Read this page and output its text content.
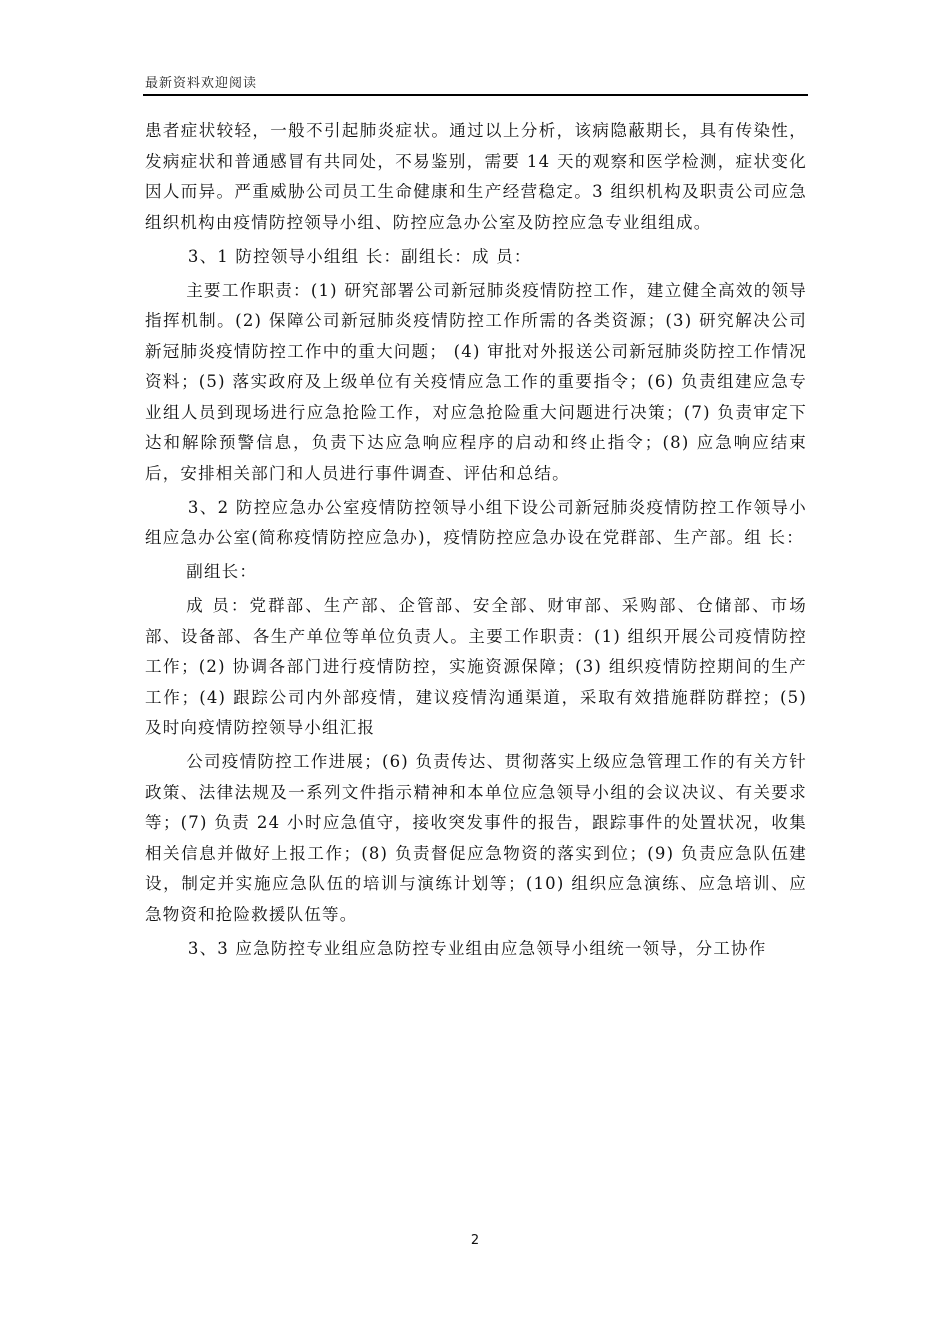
最新资料欢迎阅读

患者症状较轻，一般不引起肺炎症状。通过以上分析，该病隐蔽期长，具有传染性，发病症状和普通感冒有共同处，不易鉴别，需要 14 天的观察和医学检测，症状变化因人而异。严重威胁公司员工生命健康和生产经营稳定。3 组织机构及职责公司应急组织机构由疫情防控领导小组、防控应急办公室及防控应急专业组组成。

3、1 防控领导小组组 长：副组长：成 员：

主要工作职责：(1) 研究部署公司新冠肺炎疫情防控工作，建立健全高效的领导指挥机制。(2) 保障公司新冠肺炎疫情防控工作所需的各类资源；(3) 研究解决公司新冠肺炎疫情防控工作中的重大问题； (4) 审批对外报送公司新冠肺炎防控工作情况资料；(5) 落实政府及上级单位有关疫情应急工作的重要指令；(6) 负责组建应急专业组人员到现场进行应急抢险工作，对应急抢险重大问题进行决策；(7) 负责审定下达和解除预警信息，负责下达应急响应程序的启动和终止指令；(8) 应急响应结束后，安排相关部门和人员进行事件调查、评估和总结。

3、2 防控应急办公室疫情防控领导小组下设公司新冠肺炎疫情防控工作领导小组应急办公室(简称疫情防控应急办)，疫情防控应急办设在党群部、生产部。组 长：

副组长：

成 员：党群部、生产部、企管部、安全部、财审部、采购部、仓储部、市场部、设备部、各生产单位等单位负责人。主要工作职责：(1) 组织开展公司疫情防控工作；(2) 协调各部门进行疫情防控，实施资源保障；(3) 组织疫情防控期间的生产工作；(4) 跟踪公司内外部疫情，建议疫情沟通渠道，采取有效措施群防群控；(5) 及时向疫情防控领导小组汇报

公司疫情防控工作进展；(6) 负责传达、贯彻落实上级应急管理工作的有关方针政策、法律法规及一系列文件指示精神和本单位应急领导小组的会议决议、有关要求等；(7) 负责 24 小时应急值守，接收突发事件的报告，跟踪事件的处置状况，收集相关信息并做好上报工作；(8) 负责督促应急物资的落实到位；(9) 负责应急队伍建设，制定并实施应急队伍的培训与演练计划等；(10) 组织应急演练、应急培训、应急物资和抢险救援队伍等。

3、3 应急防控专业组应急防控专业组由应急领导小组统一领导，分工协作

2
